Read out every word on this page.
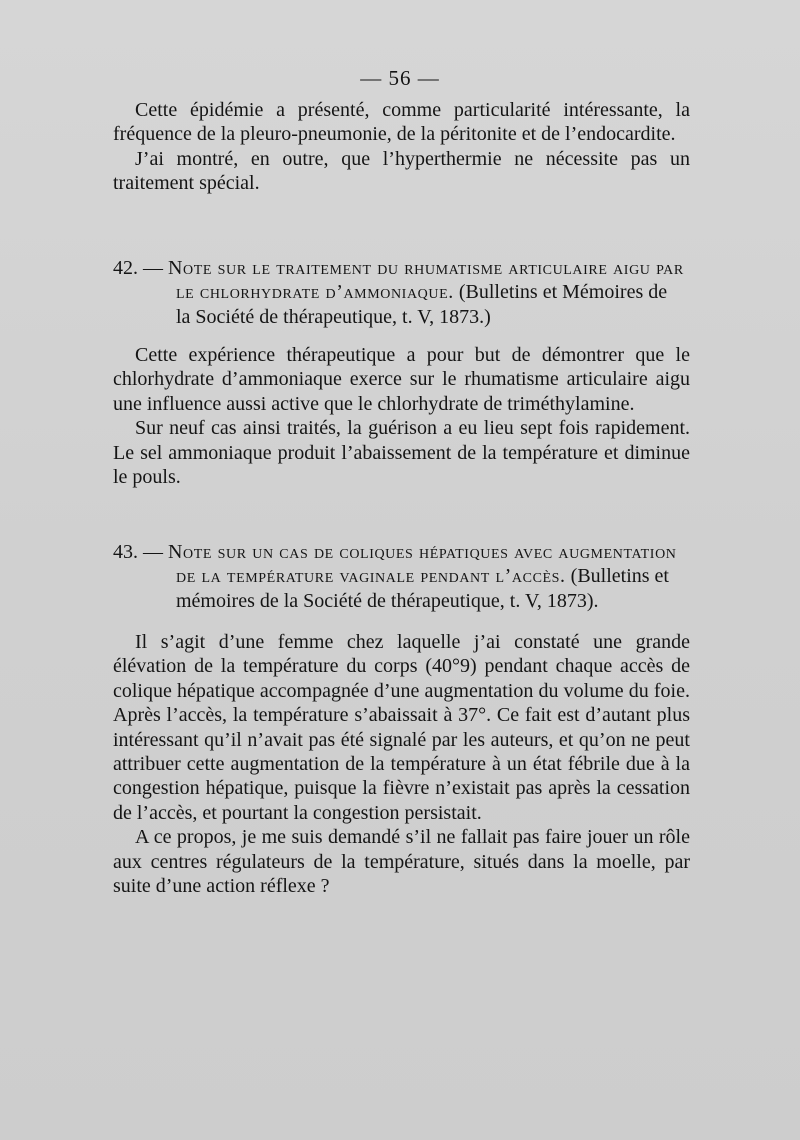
— 56 —

Cette épidémie a présenté, comme particularité intéressante, la fréquence de la pleuro-pneumonie, de la péritonite et de l’endocardite.

J’ai montré, en outre, que l’hyperthermie ne nécessite pas un traitement spécial.

42. — Note sur le traitement du rhumatisme articulaire aigu par
le chlorhydrate d’ammoniaque. (Bulletins et Mémoires de
la Société de thérapeutique, t. V, 1873.)

Cette expérience thérapeutique a pour but de démontrer que le chlorhydrate d’ammoniaque exerce sur le rhumatisme articulaire aigu une influence aussi active que le chlorhydrate de triméthylamine.

Sur neuf cas ainsi traités, la guérison a eu lieu sept fois rapidement. Le sel ammoniaque produit l’abaissement de la température et diminue le pouls.

43. — Note sur un cas de coliques hépatiques avec augmentation
de la température vaginale pendant l’accès. (Bulletins et
mémoires de la Société de thérapeutique, t. V, 1873).

Il s’agit d’une femme chez laquelle j’ai constaté une grande élévation de la température du corps (40°9) pendant chaque accès de colique hépatique accompagnée d’une augmentation du volume du foie. Après l’accès, la température s’abaissait à 37°. Ce fait est d’autant plus intéressant qu’il n’avait pas été signalé par les auteurs, et qu’on ne peut attribuer cette augmentation de la température à un état fébrile due à la congestion hépatique, puisque la fièvre n’existait pas après la cessation de l’accès, et pourtant la congestion persistait.

A ce propos, je me suis demandé s’il ne fallait pas faire jouer un rôle aux centres régulateurs de la température, situés dans la moelle, par suite d’une action réflexe ?
